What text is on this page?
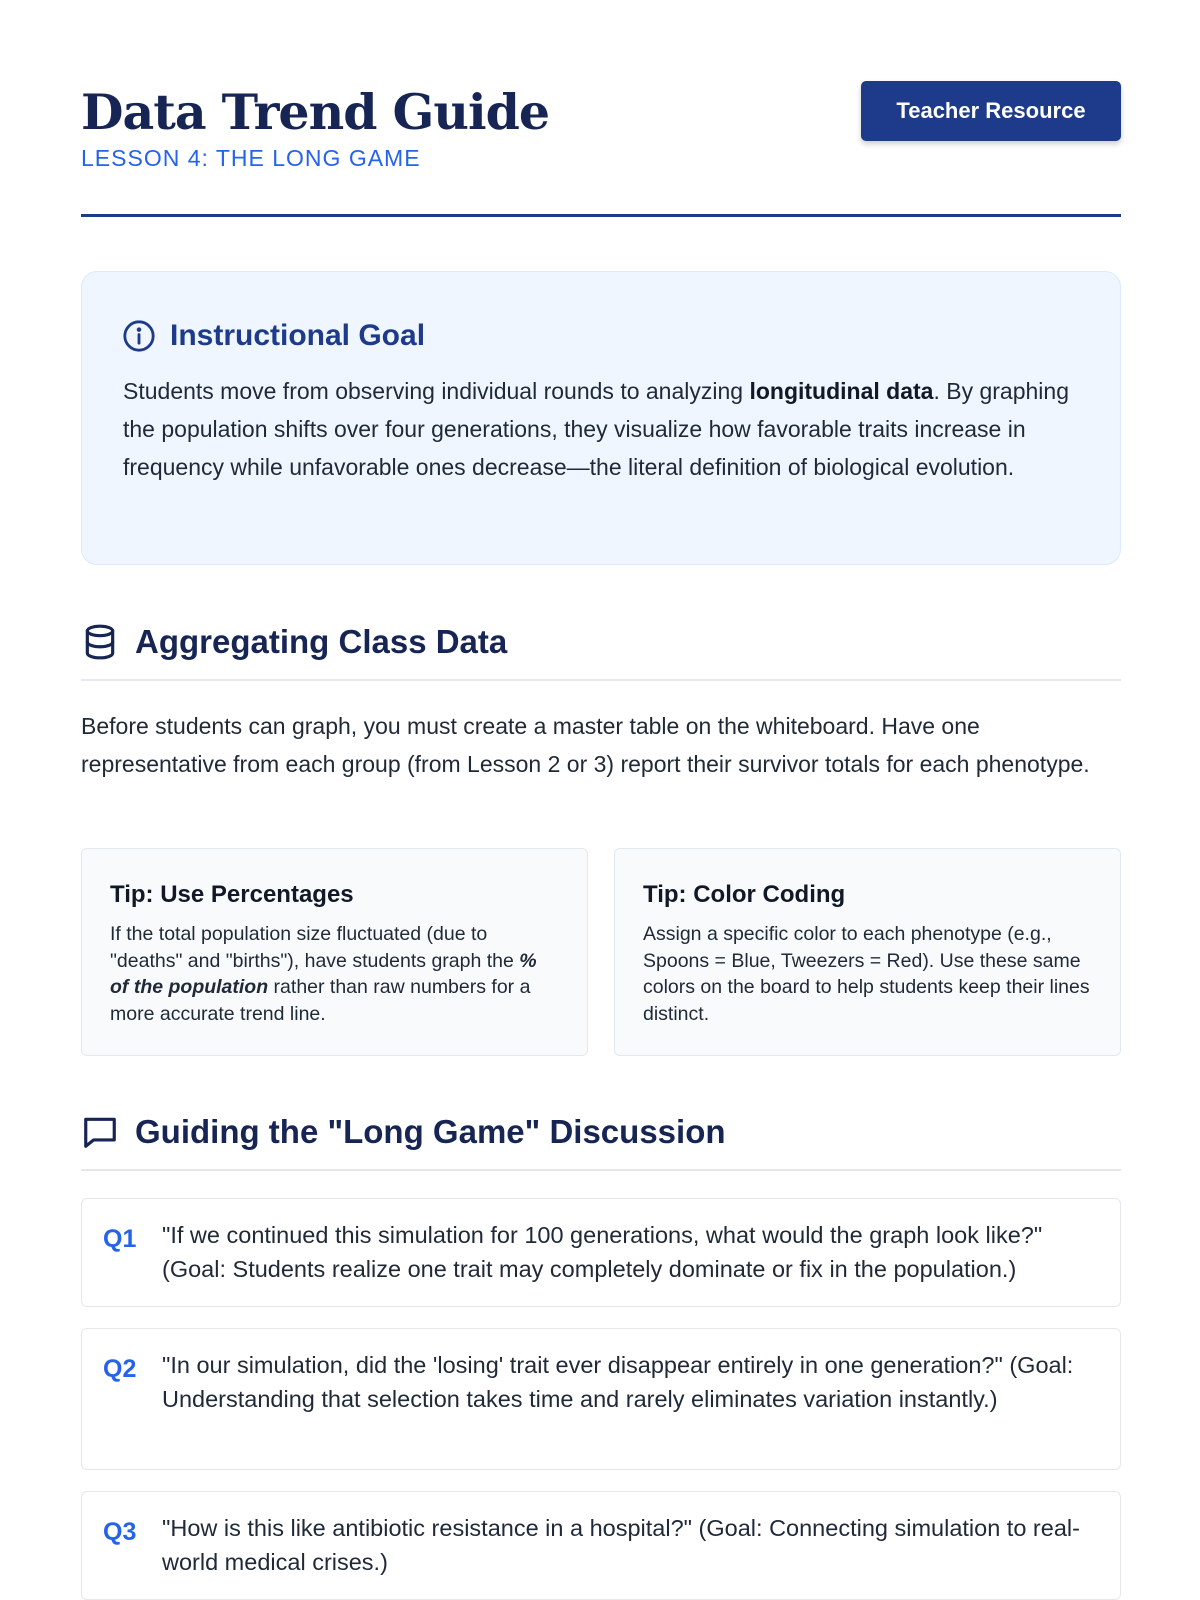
Data Trend Guide
LESSON 4: THE LONG GAME
Teacher Resource
Instructional Goal

Students move from observing individual rounds to analyzing longitudinal data. By graphing the population shifts over four generations, they visualize how favorable traits increase in frequency while unfavorable ones decrease—the literal definition of biological evolution.

Aggregating Class Data

Before students can graph, you must create a master table on the whiteboard. Have one representative from each group (from Lesson 2 or 3) report their survivor totals for each phenotype.

Tip: Use Percentages

If the total population size fluctuated (due to "deaths" and "births"), have students graph the % of the population rather than raw numbers for a more accurate trend line.

Tip: Color Coding

Assign a specific color to each phenotype (e.g., Spoons = Blue, Tweezers = Red). Use these same colors on the board to help students keep their lines distinct.

Guiding the "Long Game" Discussion
Q1 "If we continued this simulation for 100 generations, what would the graph look like?" (Goal: Students realize one trait may completely dominate or fix in the population.)

Q2 "In our simulation, did the 'losing' trait ever disappear entirely in one generation?" (Goal: Understanding that selection takes time and rarely eliminates variation instantly.)

Q3 "How is this like antibiotic resistance in a hospital?" (Goal: Connecting simulation to real-world medical crises.)
